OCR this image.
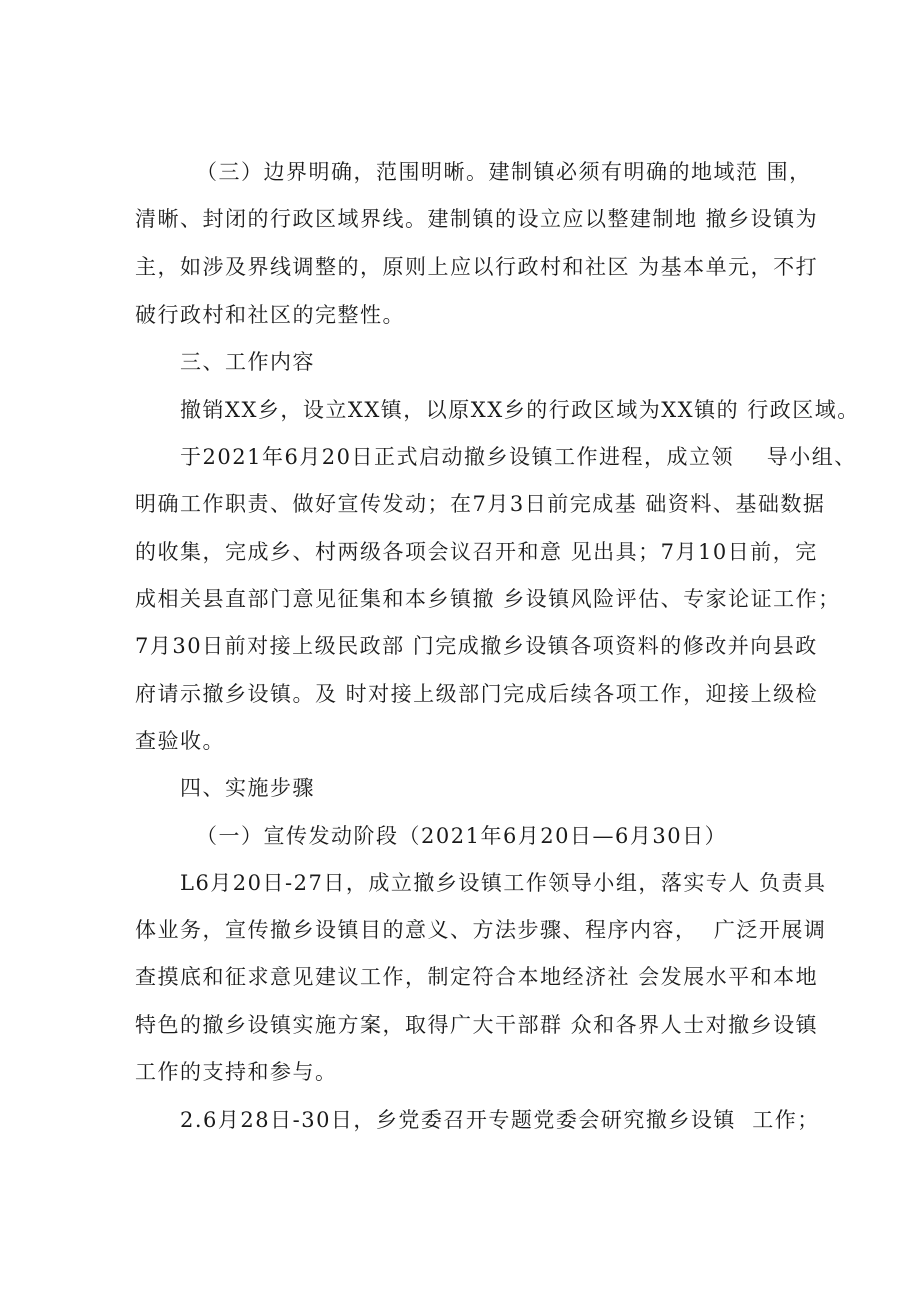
（三）边界明确，范围明晰。建制镇必须有明确的地域范 围，
清晰、封闭的行政区域界线。建制镇的设立应以整建制地 撤乡设镇为
主，如涉及界线调整的，原则上应以行政村和社区 为基本单元，不打
破行政村和社区的完整性。
三、工作内容
撤销XX乡，设立XX镇，以原XX乡的行政区域为XX镇的 行政区域。
于2021年6月20日正式启动撤乡设镇工作进程，成立领    导小组、
明确工作职责、做好宣传发动；在7月3日前完成基 础资料、基础数据
的收集，完成乡、村两级各项会议召开和意 见出具；7月10日前，完
成相关县直部门意见征集和本乡镇撤 乡设镇风险评估、专家论证工作；
7月30日前对接上级民政部 门完成撤乡设镇各项资料的修改并向县政
府请示撤乡设镇。及 时对接上级部门完成后续各项工作，迎接上级检
查验收。
四、实施步骤
（一）宣传发动阶段（2021年6月20日—6月30日）
L6月20日-27日，成立撤乡设镇工作领导小组，落实专人 负责具
体业务，宣传撤乡设镇目的意义、方法步骤、程序内容，  广泛开展调
查摸底和征求意见建议工作，制定符合本地经济社 会发展水平和本地
特色的撤乡设镇实施方案，取得广大干部群 众和各界人士对撤乡设镇
工作的支持和参与。
2.6月28日-30日，乡党委召开专题党委会研究撤乡设镇  工作；
